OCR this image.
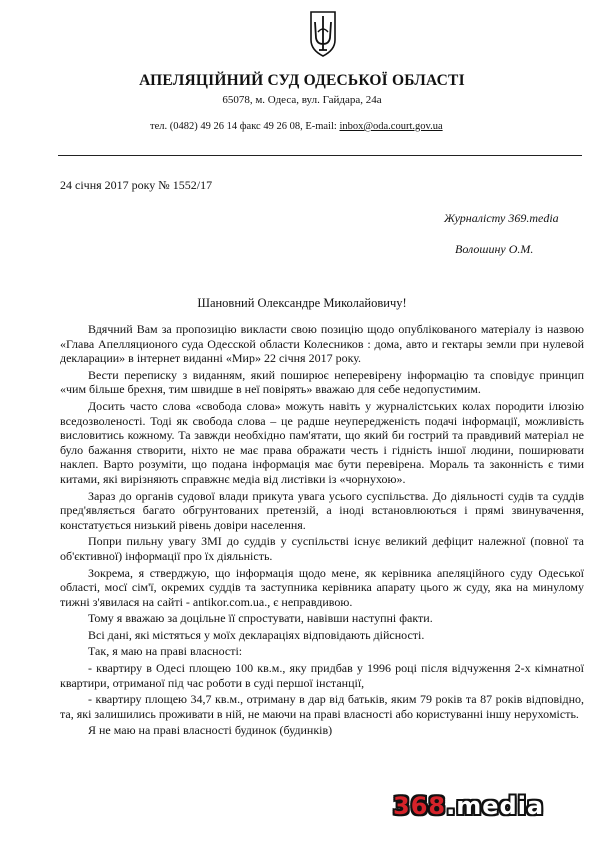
АПЕЛЯЦІЙНИЙ СУД ОДЕСЬКОЇ ОБЛАСТІ
65078, м. Одеса, вул. Гайдара, 24а
тел. (0482) 49 26 14 факс 49 26 08, E-mail: inbox@oda.court.gov.ua
24 січня 2017 року № 1552/17
Журналісту 369.media
Волошину О.М.
Шановний Олександре Миколайовичу!

Вдячний Вам за пропозицію викласти свою позицію щодо опублікованого матеріалу із назвою «Глава Апелляционого суда Одесской области Колесников : дома, авто и гектары земли при нулевой декларации» в інтернет виданні «Мир» 22 січня 2017 року.

Вести переписку з виданням, який поширює неперевірену інформацію та сповідує принцип «чим більше брехня, тим швидше в неї повірять» вважаю для себе недопустимим.

Досить часто слова «свобода слова» можуть навіть у журналістських колах породити ілюзію вседозволеності. Тоді як свобода слова – це радше неупередженість подачі інформації, можливість висловитись кожному. Та завжди необхідно пам'ятати, що який би гострий та правдивий матеріал не було бажання створити, ніхто не має права ображати честь і гідність іншої людини, поширювати наклеп. Варто розуміти, що подана інформація має бути перевірена. Мораль та законність є тими китами, які вирізняють справжнє медіа від листівки із «чорнухою».

Зараз до органів судової влади прикута увага усього суспільства. До діяльності судів та суддів пред'являється багато обгрунтованих претензій, а іноді встановлюються і прямі звинувачення, констатується низький рівень довіри населення.

Попри пильну увагу ЗМІ до суддів у суспільстві існує великий дефіцит належної (повної та об'єктивної) інформації про їх діяльність.

Зокрема, я стверджую, що інформація щодо мене, як керівника апеляційного суду Одеської області, мосї сім'ї, окремих суддів та заступника керівника апарату цього ж суду, яка на минулому тижні з'явилася на сайті - antikor.com.ua., є неправдивою.

Тому я вважаю за доцільне її спростувати, навівши наступні факти.

Всі дані, які містяться у моїх деклараціях відповідають дійсності.

Так, я маю на праві власності:

- квартиру в Одесі площею 100 кв.м., яку придбав у 1996 році після відчуження 2-х кімнатної квартири, отриманої під час роботи в суді першої інстанції,

- квартиру площею 34,7 кв.м., отриману в дар від батьків, яким 79 років та 87 років відповідно, та, які залишились проживати в ній, не маючи на праві власності або користуванні іншу нерухомість.

Я не маю на праві власності будинок (будинків)

368.media
